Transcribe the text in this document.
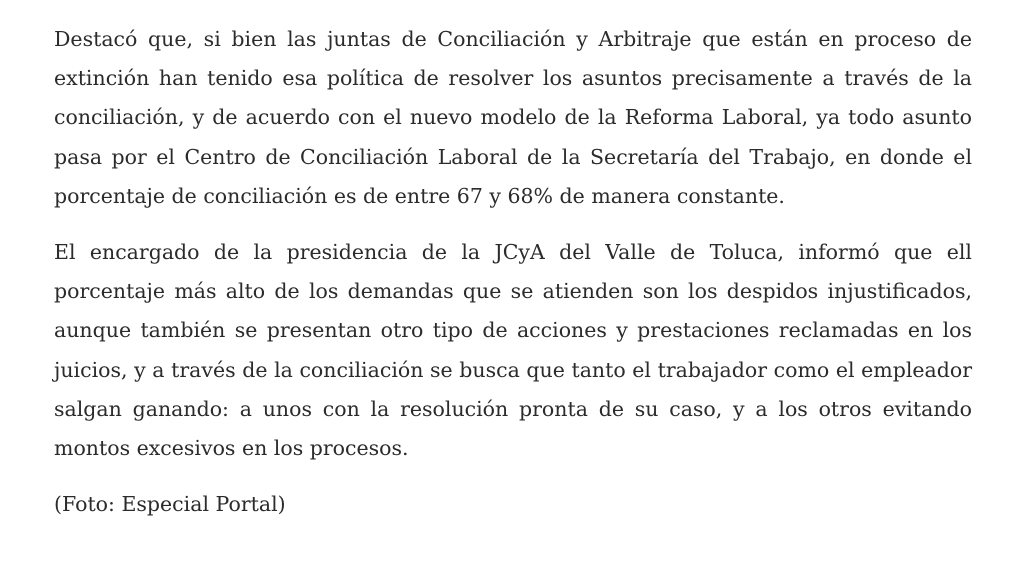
Destacó que, si bien las juntas de Conciliación y Arbitraje que están en proceso de extinción han tenido esa política de resolver los asuntos precisamente a través de la conciliación, y de acuerdo con el nuevo modelo de la Reforma Laboral, ya todo asunto pasa por el Centro de Conciliación Laboral de la Secretaría del Trabajo, en donde el porcentaje de conciliación es de entre 67 y 68% de manera constante.

El encargado de la presidencia de la JCyA del Valle de Toluca, informó que ell porcentaje más alto de los demandas que se atienden son los despidos injustificados, aunque también se presentan otro tipo de acciones y prestaciones reclamadas en los juicios, y a través de la conciliación se busca que tanto el trabajador como el empleador salgan ganando: a unos con la resolución pronta de su caso, y a los otros evitando montos excesivos en los procesos.

(Foto: Especial Portal)
